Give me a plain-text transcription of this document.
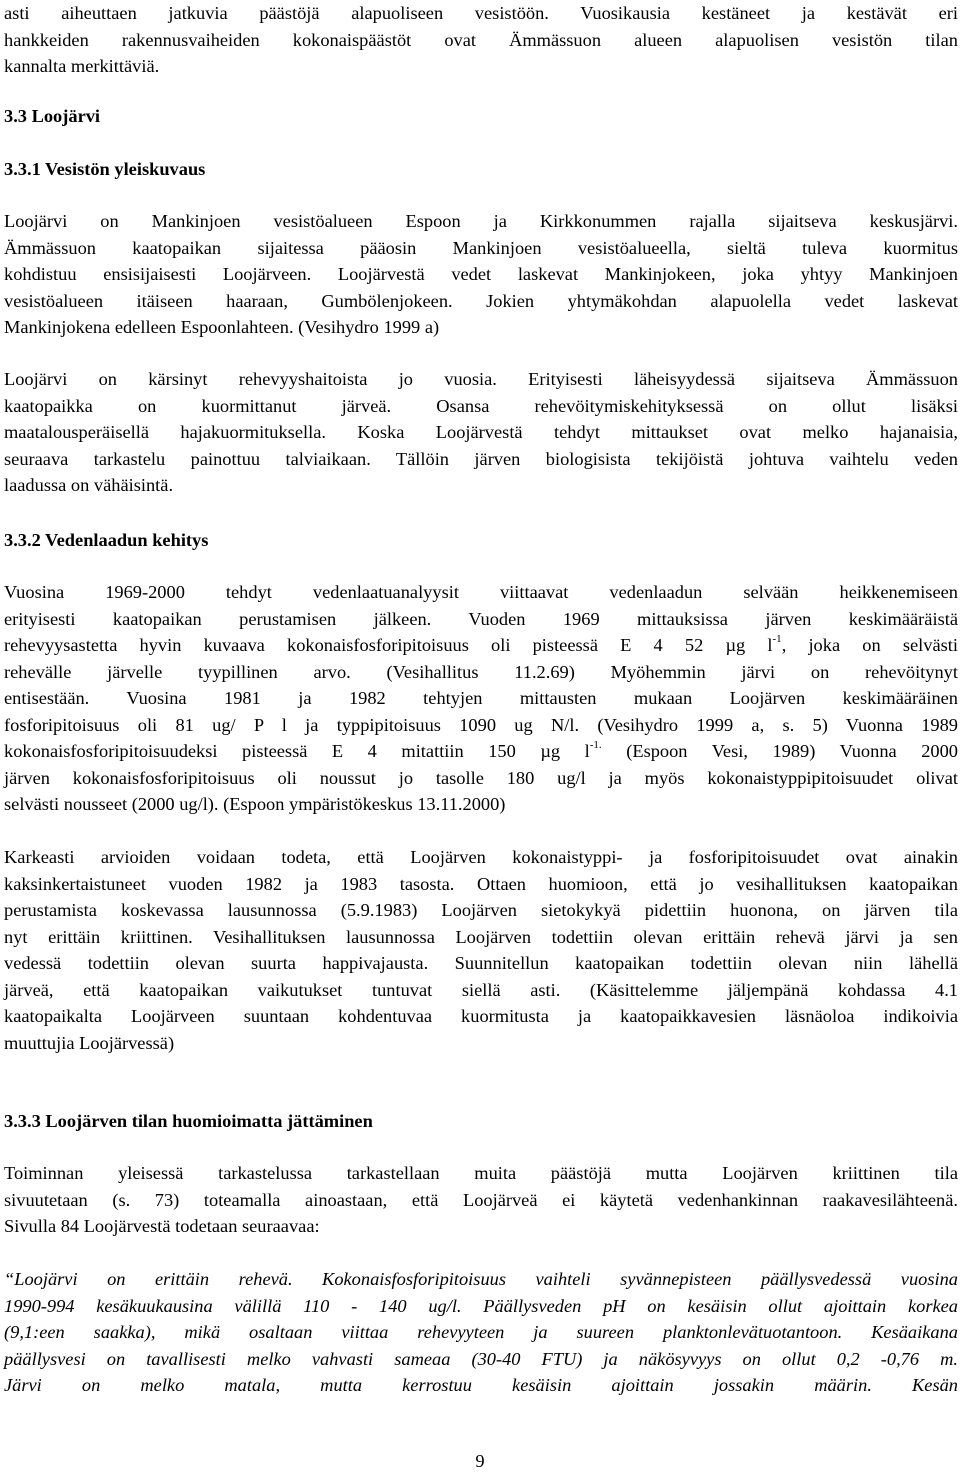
asti aiheuttaen jatkuvia päästöjä alapuoliseen vesistöön. Vuosikausia kestäneet ja kestävät eri
hankkeiden rakennusvaiheiden kokonaispäästöt ovat Ämmässuon alueen alapuolisen vesistön tilan
kannalta merkittäviä.
3.3 Loojärvi
3.3.1 Vesistön yleiskuvaus
Loojärvi on Mankinjoen vesistöalueen Espoon ja Kirkkonummen rajalla sijaitseva keskusjärvi.
Ämmässuon kaatopaikan sijaitessa pääosin Mankinjoen vesistöalueella, sieltä tuleva kuormitus
kohdistuu ensisijaisesti Loojärveen. Loojärvestä vedet laskevat Mankinjokeen, joka yhtyy Mankinjoen
vesistöalueen itäiseen haaraan, Gumbölenjokeen. Jokien yhtymäkohdan alapuolella vedet laskevat
Mankinjokena edelleen Espoonlahteen. (Vesihydro 1999 a)
Loojärvi on kärsinyt rehevyyshaitoista jo vuosia. Erityisesti läheisyydessä sijaitseva Ämmässuon
kaatopaikka on kuormittanut järveä. Osansa rehevöitymiskehityksessä on ollut lisäksi
maatalousperäisellä hajakuormituksella. Koska Loojärvestä tehdyt mittaukset ovat melko hajanaisia,
seuraava tarkastelu painottuu talviaikaan. Tällöin järven biologisista tekijöistä johtuva vaihtelu veden
laadussa on vähäisintä.
3.3.2 Vedenlaadun kehitys
Vuosina 1969-2000 tehdyt vedenlaatuanalyysit viittaavat vedenlaadun selvään heikkenemiseen
erityisesti kaatopaikan perustamisen jälkeen. Vuoden 1969 mittauksissa järven keskimääräistä
rehevyysastetta hyvin kuvaava kokonaisfosforipitoisuus oli pisteessä E 4 52 µg $l^{-1}$, joka on selvästi
rehevälle järvelle tyypillinen arvo. (Vesihallitus 11.2.69) Myöhemmin järvi on rehevöitynyt
entisestään. Vuosina 1981 ja 1982 tehtyjen mittausten mukaan Loojärven keskimääräinen
fosforipitoisuus oli 81 ug/ P l ja typpipitoisuus 1090 ug N/l. (Vesihydro 1999 a, s. 5) Vuonna 1989
kokonaisfosforipitoisuudeksi pisteessä E 4 mitattiin 150 µg $l^{-1.}$ (Espoon Vesi, 1989) Vuonna 2000
järven kokonaisfosforipitoisuus oli noussut jo tasolle 180 ug/l ja myös kokonaistyppipitoisuudet olivat
selvästi nousseet (2000 ug/l). (Espoon ympäristökeskus 13.11.2000)
Karkeasti arvioiden voidaan todeta, että Loojärven kokonaistyppi- ja fosforipitoisuudet ovat ainakin
kaksinkertaistuneet vuoden 1982 ja 1983 tasosta. Ottaen huomioon, että jo vesihallituksen kaatopaikan
perustamista koskevassa lausunnossa (5.9.1983) Loojärven sietokykyä pidettiin huonona, on järven tila
nyt erittäin kriittinen. Vesihallituksen lausunnossa Loojärven todettiin olevan erittäin rehevä järvi ja sen
vedessä todettiin olevan suurta happivajausta. Suunnitellun kaatopaikan todettiin olevan niin lähellä
järveä, että kaatopaikan vaikutukset tuntuvat siellä asti. (Käsittelemme jäljempänä kohdassa 4.1
kaatopaikalta Loojärveen suuntaan kohdentuvaa kuormitusta ja kaatopaikkavesien läsnäoloa indikoivia
muuttujia Loojärvessä)
3.3.3 Loojärven tilan huomioimatta jättäminen
Toiminnan yleisessä tarkastelussa tarkastellaan muita päästöjä mutta Loojärven kriittinen tila
sivuutetaan (s. 73) toteamalla ainoastaan, että Loojärveä ei käytetä vedenhankinnan raakavesilähteenä.
Sivulla 84 Loojärvestä todetaan seuraavaa:
“Loojärvi on erittäin rehevä. Kokonaisfosforipitoisuus vaihteli syvännepisteen päällysvedessä vuosina
1990-994 kesäkuukausina välillä 110 - 140 ug/l. Päällysveden pH on kesäisin ollut ajoittain korkea
(9,1:een saakka), mikä osaltaan viittaa rehevyyteen ja suureen planktonlevätuotantoon. Kesäaikana
päällysvesi on tavallisesti melko vahvasti sameaa (30-40 FTU) ja näkösyvyys on ollut 0,2 -0,76 m.
Järvi on melko matala, mutta kerrostuu kesäisin ajoittain jossakin määrin. Kesän
9
